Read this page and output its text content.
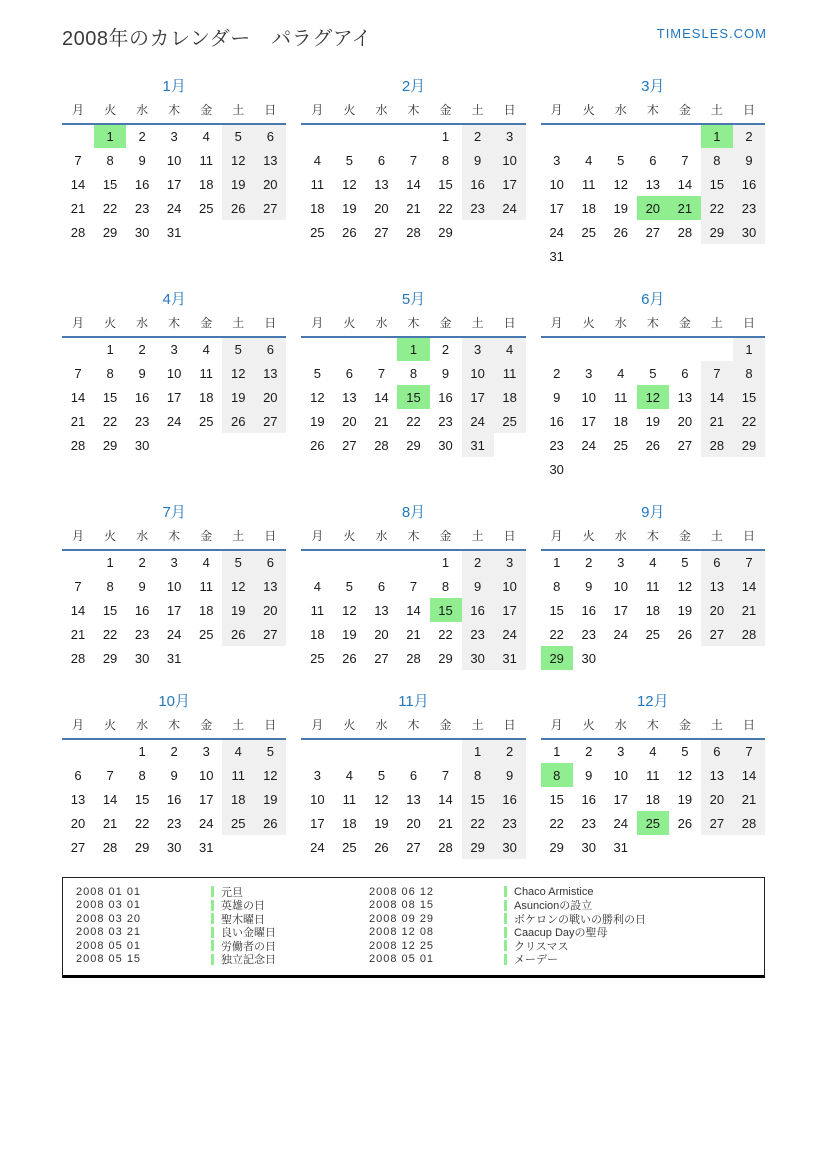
2008年のカレンダー　パラグアイ	TIMESLES.COM
1月
月	火	水	木	金	土	日
	1	2	3	4	5	6
7	8	9	10	11	12	13
14	15	16	17	18	19	20
21	22	23	24	25	26	27
28	29	30	31			
2月
月	火	水	木	金	土	日
				1	2	3
4	5	6	7	8	9	10
11	12	13	14	15	16	17
18	19	20	21	22	23	24
25	26	27	28	29		
3月
月	火	水	木	金	土	日
					1	2
3	4	5	6	7	8	9
10	11	12	13	14	15	16
17	18	19	20	21	22	23
24	25	26	27	28	29	30
31						
4月
月	火	水	木	金	土	日
	1	2	3	4	5	6
7	8	9	10	11	12	13
14	15	16	17	18	19	20
21	22	23	24	25	26	27
28	29	30				
5月
月	火	水	木	金	土	日
			1	2	3	4
5	6	7	8	9	10	11
12	13	14	15	16	17	18
19	20	21	22	23	24	25
26	27	28	29	30	31	
6月
月	火	水	木	金	土	日
						1
2	3	4	5	6	7	8
9	10	11	12	13	14	15
16	17	18	19	20	21	22
23	24	25	26	27	28	29
30						
7月
月	火	水	木	金	土	日
	1	2	3	4	5	6
7	8	9	10	11	12	13
14	15	16	17	18	19	20
21	22	23	24	25	26	27
28	29	30	31			
8月
月	火	水	木	金	土	日
				1	2	3
4	5	6	7	8	9	10
11	12	13	14	15	16	17
18	19	20	21	22	23	24
25	26	27	28	29	30	31
9月
月	火	水	木	金	土	日
1	2	3	4	5	6	7
8	9	10	11	12	13	14
15	16	17	18	19	20	21
22	23	24	25	26	27	28
29	30					
10月
月	火	水	木	金	土	日
		1	2	3	4	5
6	7	8	9	10	11	12
13	14	15	16	17	18	19
20	21	22	23	24	25	26
27	28	29	30	31		
11月
月	火	水	木	金	土	日
					1	2
3	4	5	6	7	8	9
10	11	12	13	14	15	16
17	18	19	20	21	22	23
24	25	26	27	28	29	30
12月
月	火	水	木	金	土	日
1	2	3	4	5	6	7
8	9	10	11	12	13	14
15	16	17	18	19	20	21
22	23	24	25	26	27	28
29	30	31				
2008 01 01	元旦
2008 03 01	英雄の日
2008 03 20	聖木曜日
2008 03 21	良い金曜日
2008 05 01	労働者の日
2008 05 15	独立記念日
2008 06 12	Chaco Armistice
2008 08 15	Asuncionの設立
2008 09 29	ボケロンの戦いの勝利の日
2008 12 08	Caacup Dayの聖母
2008 12 25	クリスマス
2008 05 01	メーデー
